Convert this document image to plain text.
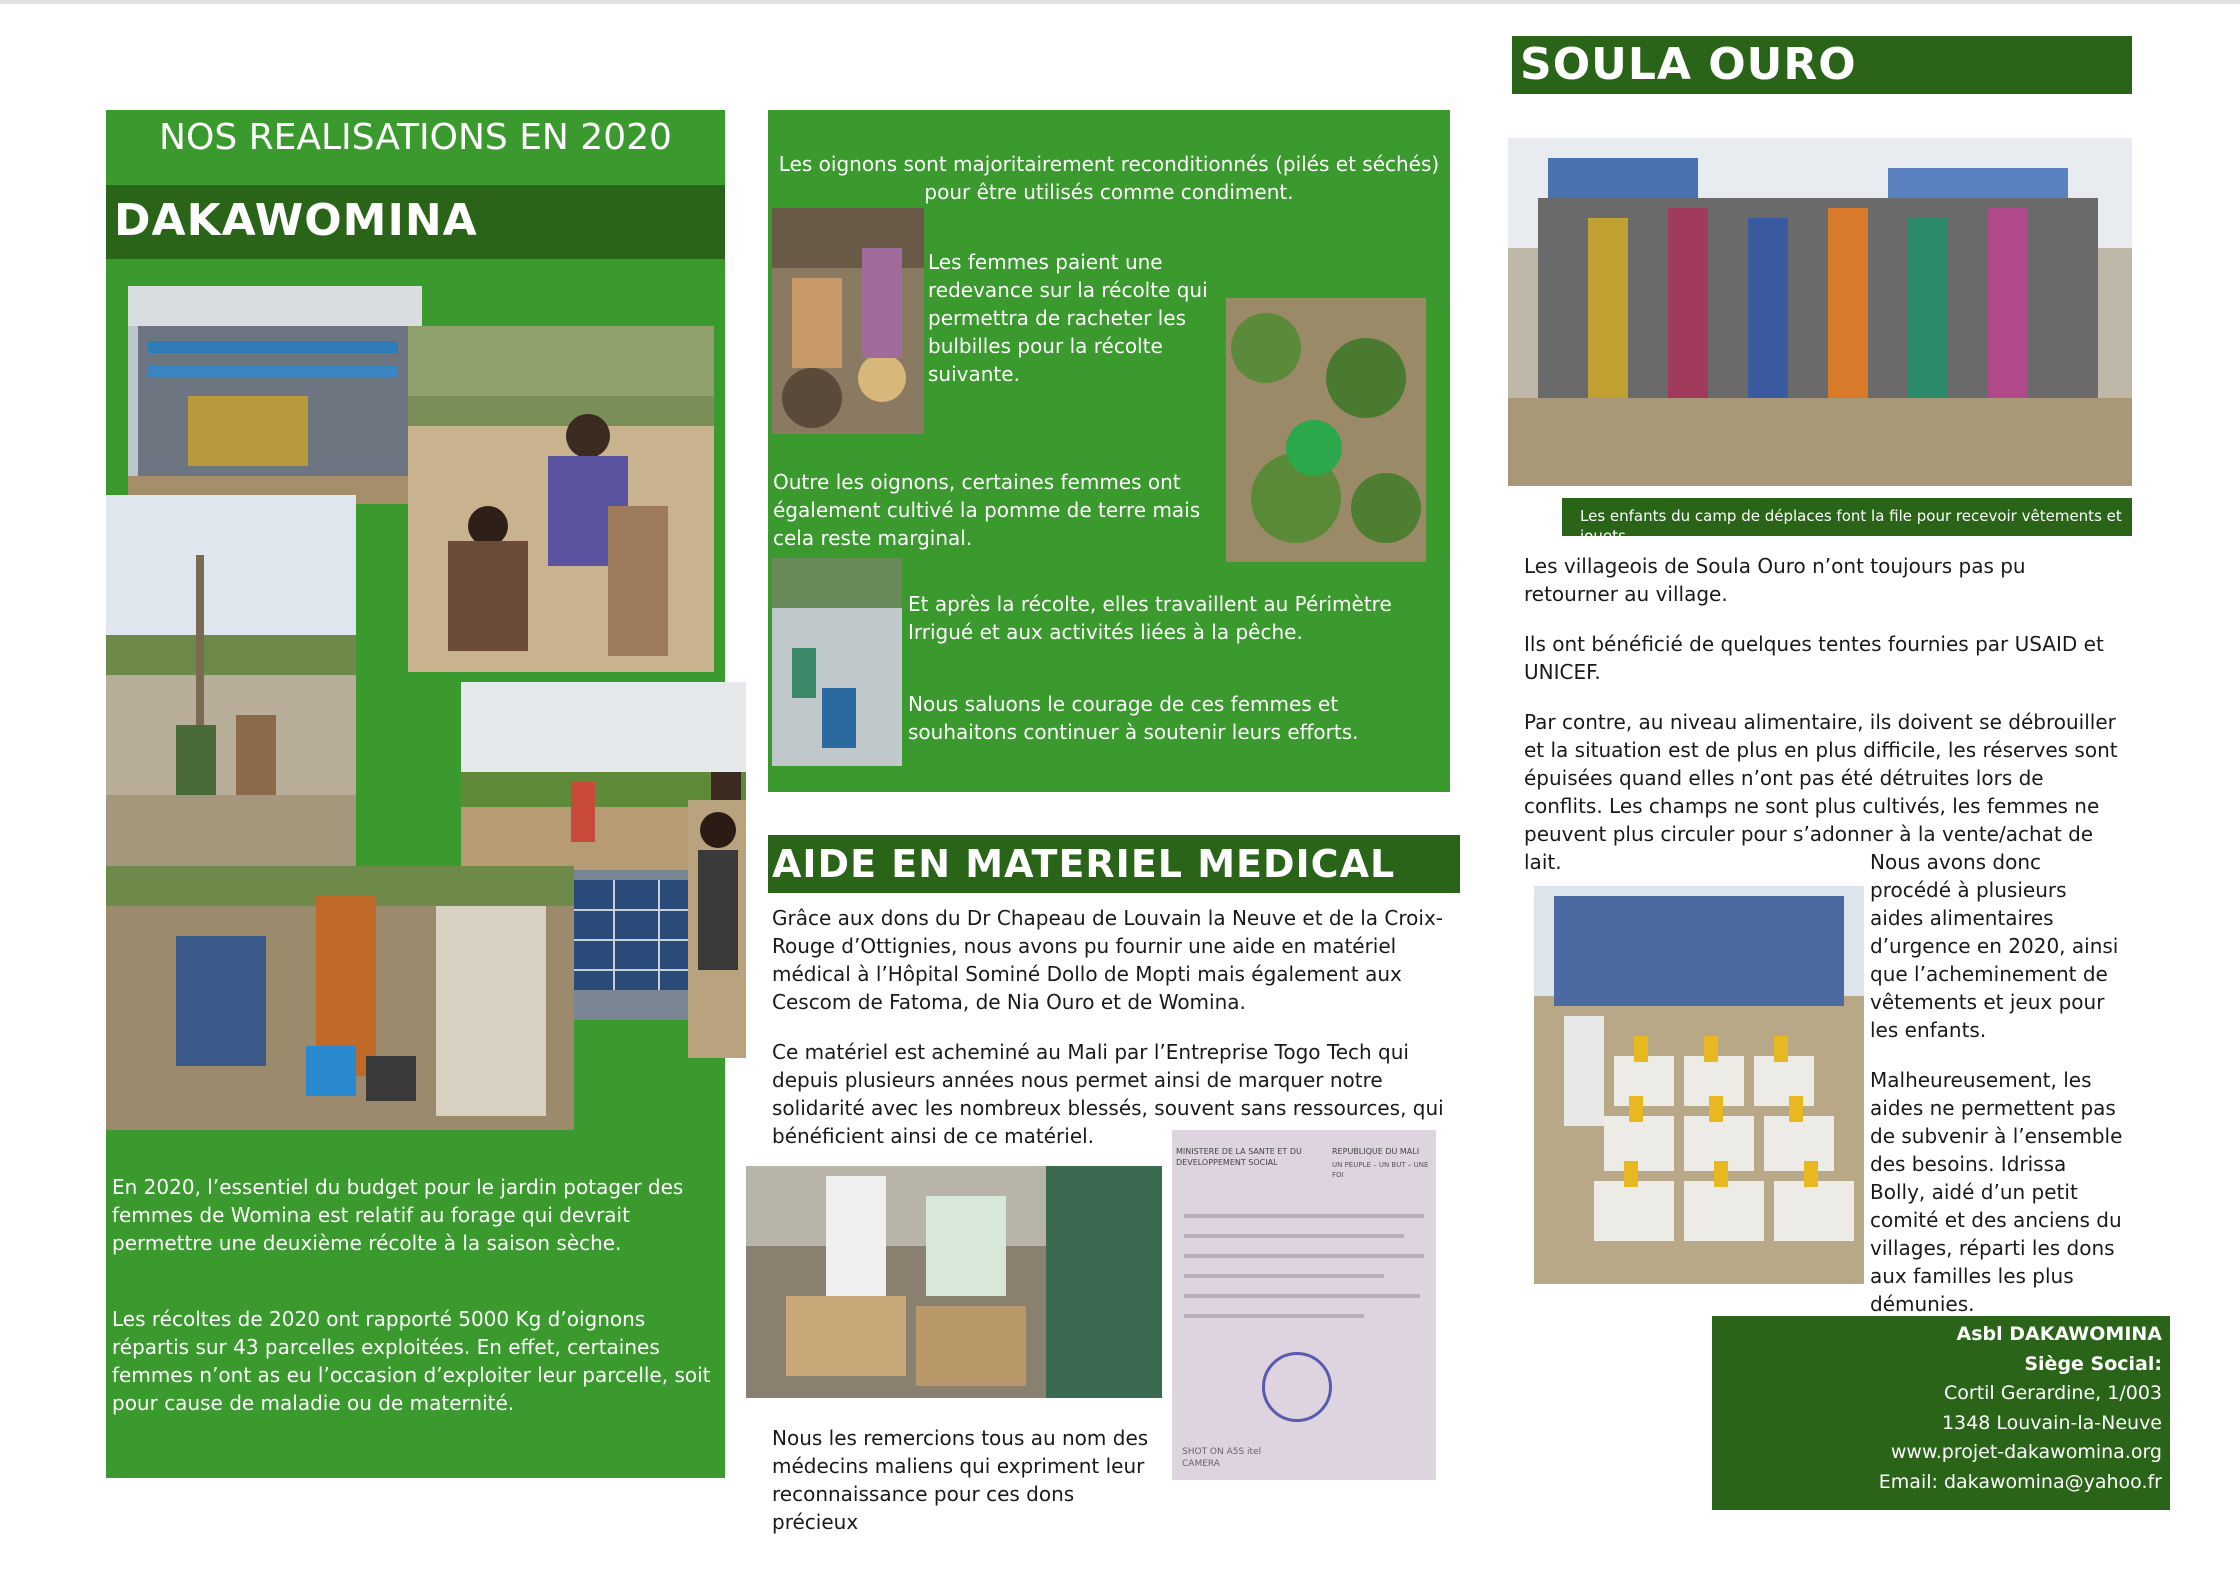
NOS REALISATIONS EN 2020
DAKAWOMINA

En 2020, l’essentiel du budget pour le jardin potager des femmes de Womina est relatif au forage qui devrait permettre une deuxième récolte à la saison sèche.

Les récoltes de 2020 ont rapporté 5000 Kg d’oignons répartis sur 43 parcelles exploitées. En effet, certaines femmes n’ont as eu l’occasion d’exploiter leur parcelle, soit pour cause de maladie ou de maternité.

Les oignons sont majoritairement reconditionnés (pilés et séchés) pour être utilisés comme condiment.
Les femmes paient une redevance sur la récolte qui permettra de racheter les bulbilles pour la récolte suivante.
Outre les oignons, certaines femmes ont également cultivé la pomme de terre mais cela reste marginal.
Et après la récolte, elles travaillent au Périmètre Irrigué et aux activités liées à la pêche.
Nous saluons le courage de ces femmes et souhaitons continuer à soutenir leurs efforts.
AIDE EN MATERIEL MEDICAL

Grâce aux dons du Dr Chapeau de Louvain la Neuve et de la Croix-Rouge d’Ottignies, nous avons pu fournir une aide en matériel médical à l’Hôpital Sominé Dollo de Mopti mais également aux Cescom de Fatoma, de Nia Ouro et de Womina.

Ce matériel est acheminé au Mali par l’Entreprise Togo Tech qui depuis plusieurs années nous permet ainsi de marquer notre solidarité avec les nombreux blessés, souvent sans ressources, qui bénéficient ainsi de ce matériel.

MINISTERE DE LA SANTE ET DU DEVELOPPEMENT SOCIAL
REPUBLIQUE DU MALI
UN PEUPLE – UN BUT – UNE FOI
SHOT ON A5S itel CAMERA
Nous les remercions tous au nom des médecins maliens qui expriment leur reconnaissance pour ces dons précieux
SOULA OURO
Les enfants du camp de déplaces font la file pour recevoir vêtements et jouets

Les villageois de Soula Ouro n’ont toujours pas pu retourner au village.

Ils ont bénéficié de quelques tentes fournies par USAID et UNICEF.

Par contre, au niveau alimentaire, ils doivent se débrouiller et la situation est de plus en plus difficile, les réserves sont épuisées quand elles n’ont pas été détruites lors de conflits. Les champs ne sont plus cultivés, les femmes ne peuvent plus circuler pour s’adonner à la vente/achat de lait.	Nous avons donc procédé à plusieurs aides alimentaires d’urgence en 2020, ainsi que l’acheminement de vêtements et jeux pour les enfants.

Malheureusement, les aides ne permettent pas de subvenir à l’ensemble des besoins. Idrissa Bolly, aidé d’un petit comité et des anciens du villages, réparti les dons aux familles les plus démunies.

Asbl DAKAWOMINA
Siège Social:
Cortil Gerardine, 1/003
1348 Louvain-la-Neuve
www.projet-dakawomina.org
Email: dakawomina@yahoo.fr
